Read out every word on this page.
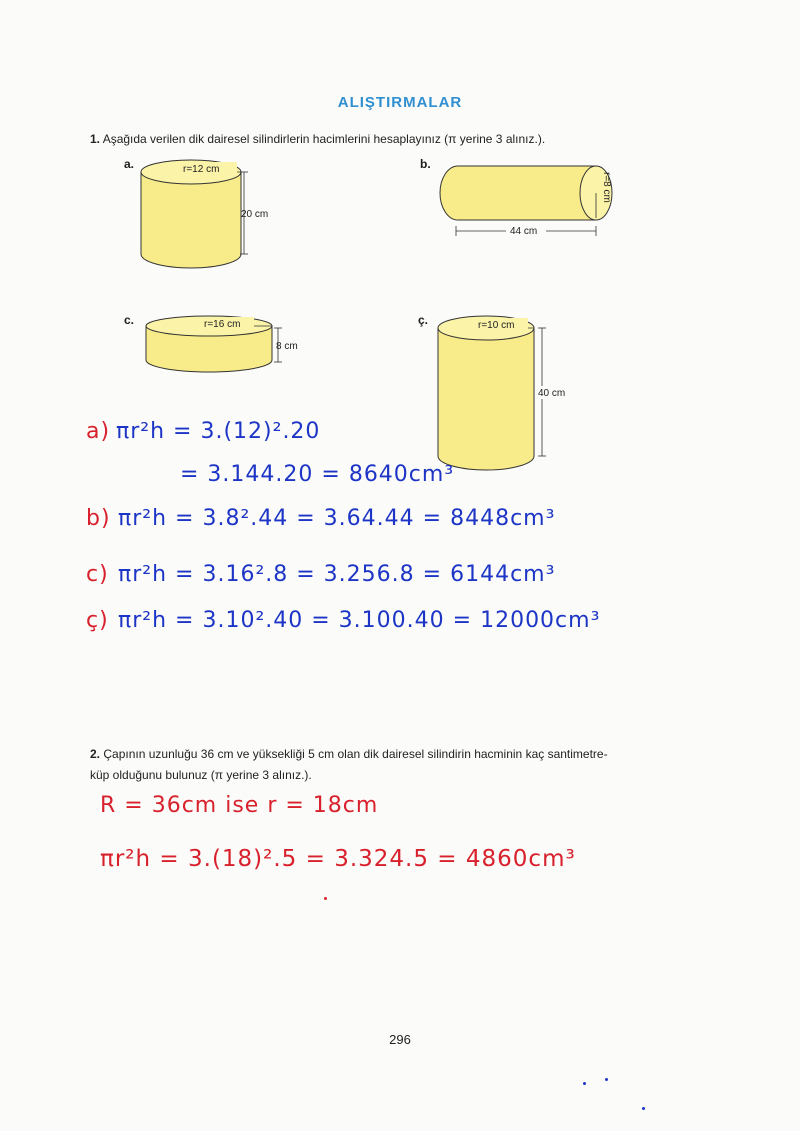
ALIŞTIRMALAR
1. Aşağıda verilen dik dairesel silindirlerin hacimlerini hesaplayınız (π yerine 3 alınız.).
a.	r=12 cm
20 cm
b.
r=8 cm
44 cm
c.	r=16 cm
8 cm
ç.	r=10 cm
40 cm
a) πr²h = 3.(12)².20
= 3.144.20 = 8640cm³
b) πr²h = 3.8².44 = 3.64.44 = 8448cm³
c) πr²h = 3.16².8 = 3.256.8 = 6144cm³
ç) πr²h = 3.10².40 = 3.100.40 = 12000cm³
2. Çapının uzunluğu 36 cm ve yüksekliği 5 cm olan dik dairesel silindirin hacminin kaç santimetre-
küp olduğunu bulunuz (π yerine 3 alınız.).
R = 36cm ise r = 18cm
πr²h = 3.(18)².5 = 3.324.5 = 4860cm³
296
